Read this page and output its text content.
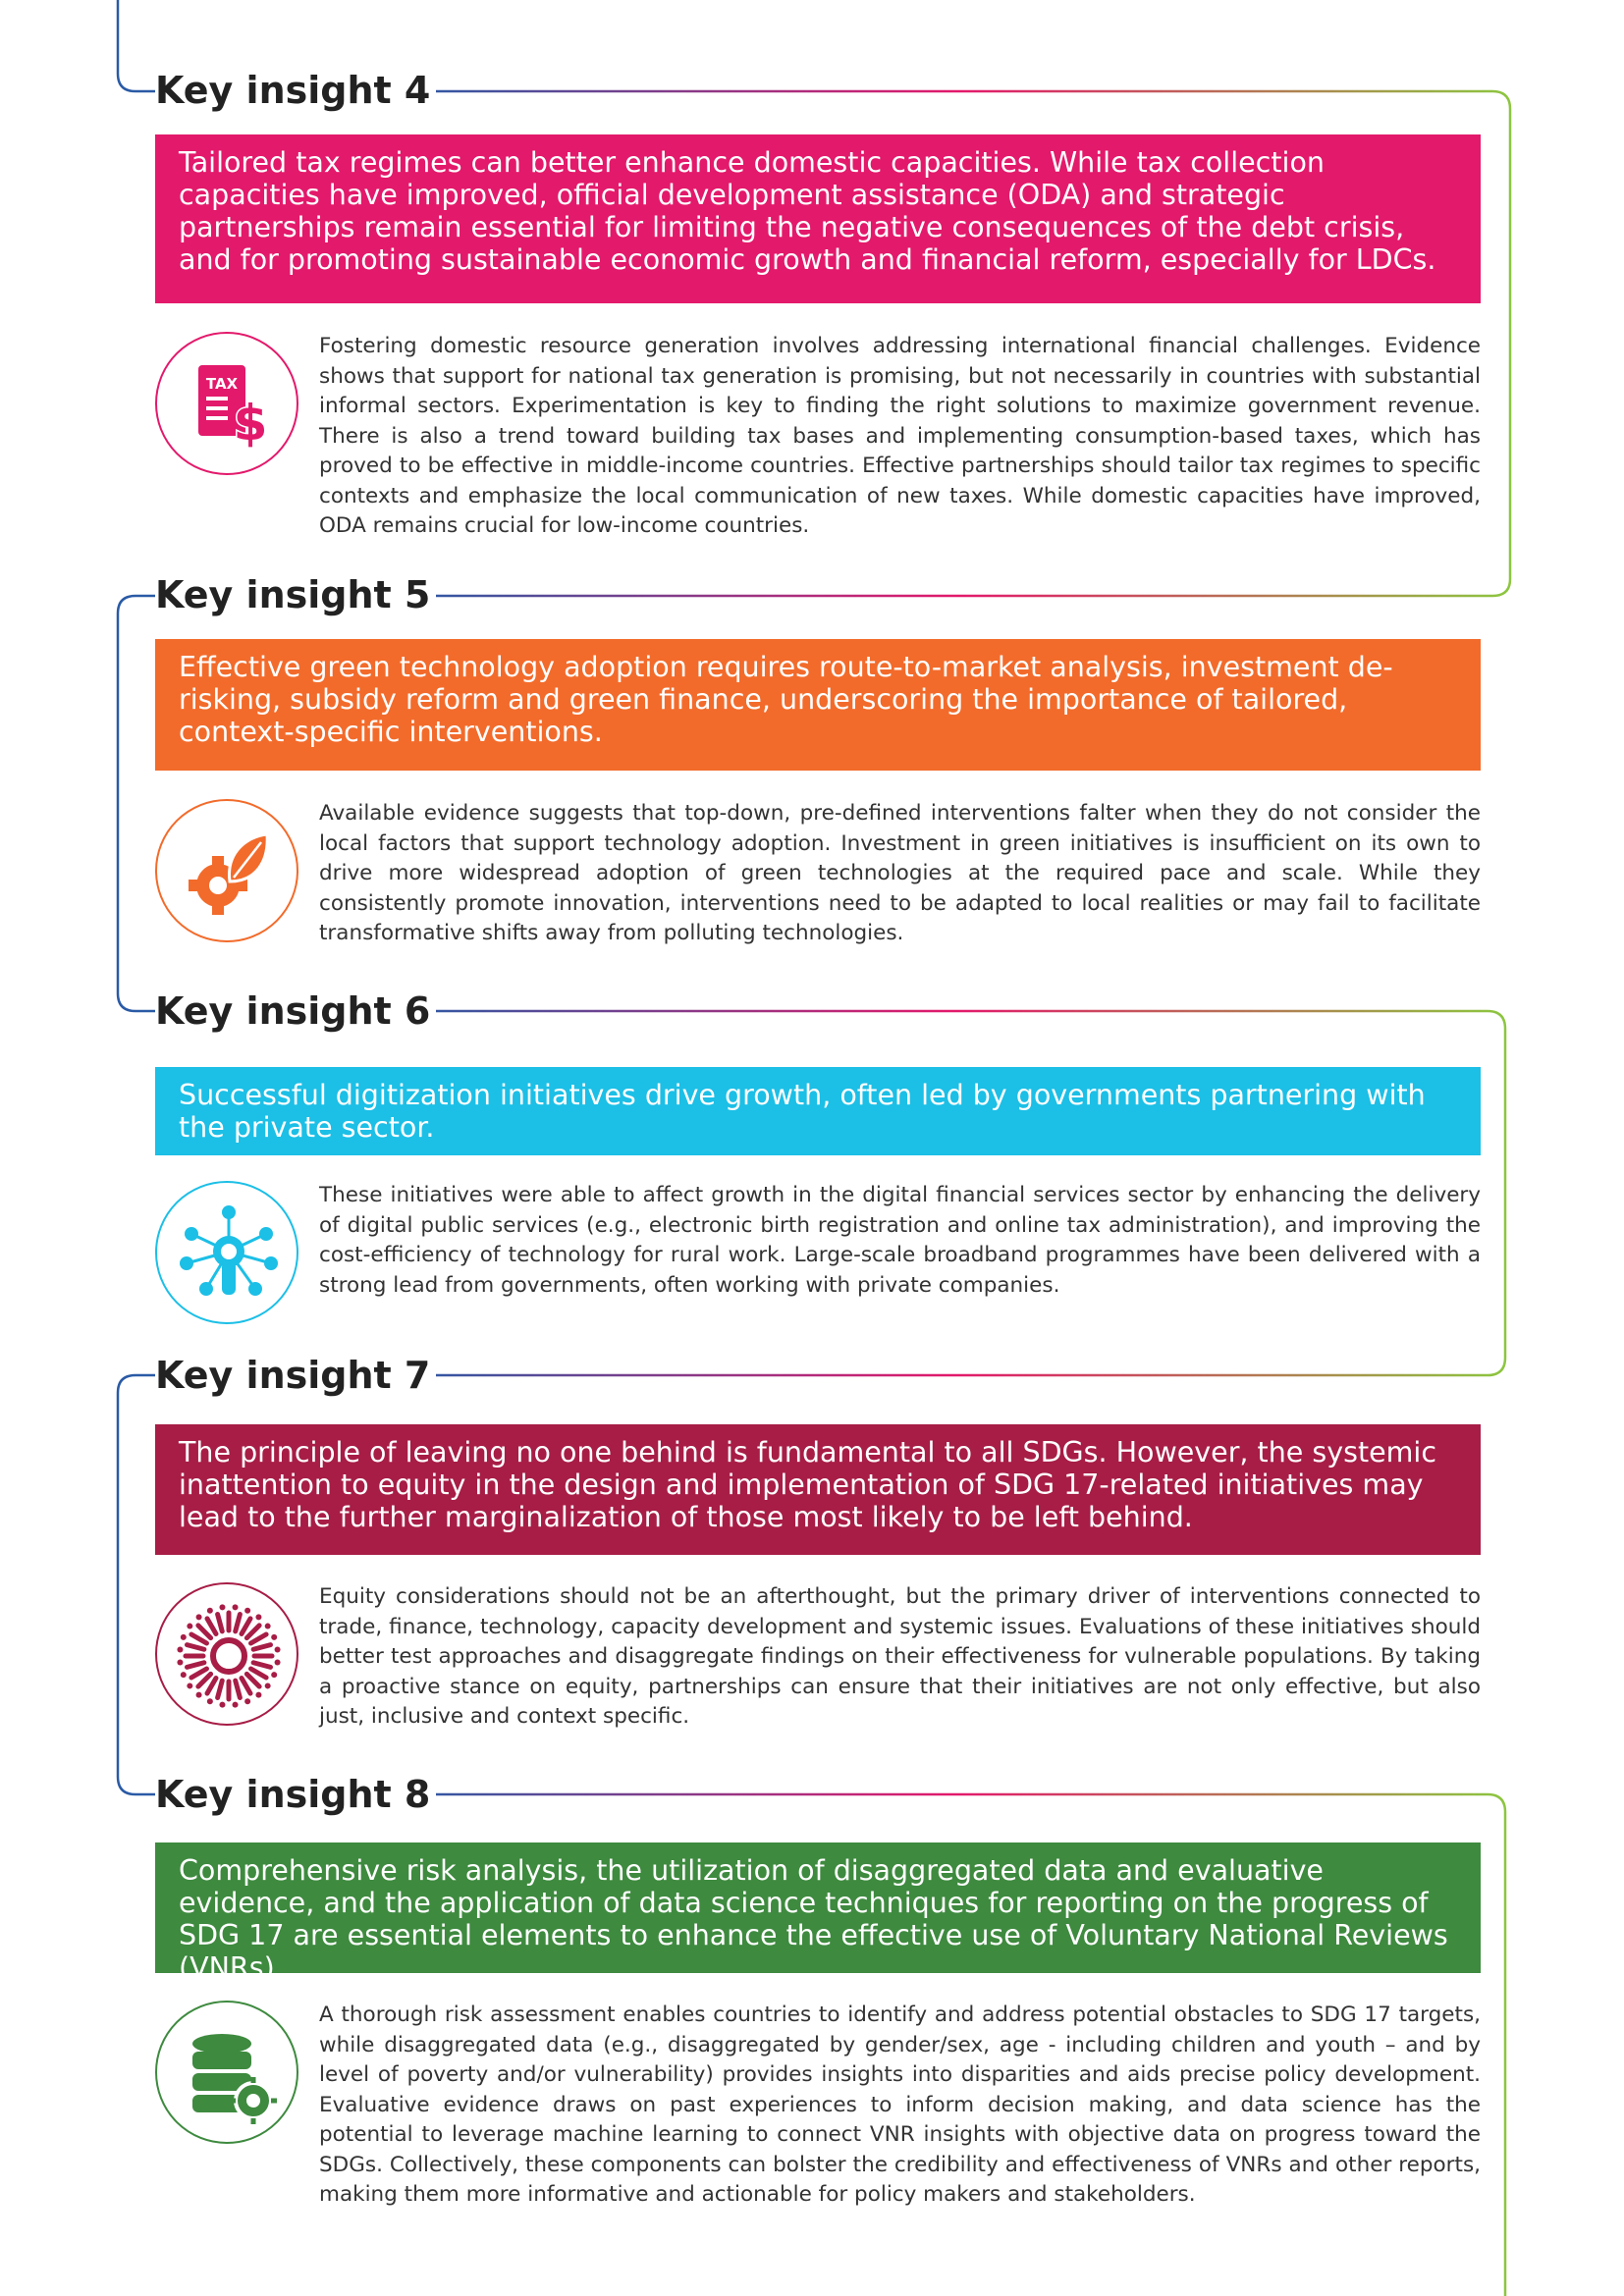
Key insight 4
Tailored tax regimes can better enhance domestic capacities. While tax collection capacities have improved, official development assistance (ODA) and strategic partnerships remain essential for limiting the negative consequences of the debt crisis, and for promoting sustainable economic growth and financial reform, especially for LDCs.
TAX
$
Fostering domestic resource generation involves addressing international financial challenges. Evidence shows that support for national tax generation is promising, but not necessarily in countries with substantial informal sectors. Experimentation is key to finding the right solutions to maximize government revenue. There is also a trend toward building tax bases and implementing consumption-based taxes, which has proved to be effective in middle-income countries. Effective partnerships should tailor tax regimes to specific contexts and emphasize the local communication of new taxes. While domestic capacities have improved, ODA remains crucial for low-income countries.
Key insight 5
Effective green technology adoption requires route-to-market analysis, investment de-risking, subsidy reform and green finance, underscoring the importance of tailored, context-specific interventions.
Available evidence suggests that top-down, pre-defined interventions falter when they do not consider the local factors that support technology adoption. Investment in green initiatives is insufficient on its own to drive more widespread adoption of green technologies at the required pace and scale. While they consistently promote innovation, interventions need to be adapted to local realities or may fail to facilitate transformative shifts away from polluting technologies.
Key insight 6
Successful digitization initiatives drive growth, often led by governments partnering with the private sector.
These initiatives were able to affect growth in the digital financial services sector by enhancing the delivery of digital public services (e.g., electronic birth registration and online tax administration), and improving the cost-efficiency of technology for rural work. Large-scale broadband programmes have been delivered with a strong lead from governments, often working with private companies.
Key insight 7
The principle of leaving no one behind is fundamental to all SDGs. However, the systemic inattention to equity in the design and implementation of SDG 17-related initiatives may lead to the further marginalization of those most likely to be left behind.
Equity considerations should not be an afterthought, but the primary driver of interventions connected to trade, finance, technology, capacity development and systemic issues. Evaluations of these initiatives should better test approaches and disaggregate findings on their effectiveness for vulnerable populations. By taking a proactive stance on equity, partnerships can ensure that their initiatives are not only effective, but also just, inclusive and context specific.
Key insight 8
Comprehensive risk analysis, the utilization of disaggregated data and evaluative evidence, and the application of data science techniques for reporting on the progress of SDG 17 are essential elements to enhance the effective use of Voluntary National Reviews (VNRs).
A thorough risk assessment enables countries to identify and address potential obstacles to SDG 17 targets, while disaggregated data (e.g., disaggregated by gender/sex, age - including children and youth – and by level of poverty and/or vulnerability) provides insights into disparities and aids precise policy development. Evaluative evidence draws on past experiences to inform decision making, and data science has the potential to leverage machine learning to connect VNR insights with objective data on progress toward the SDGs. Collectively, these components can bolster the credibility and effectiveness of VNRs and other reports, making them more informative and actionable for policy makers and stakeholders.
